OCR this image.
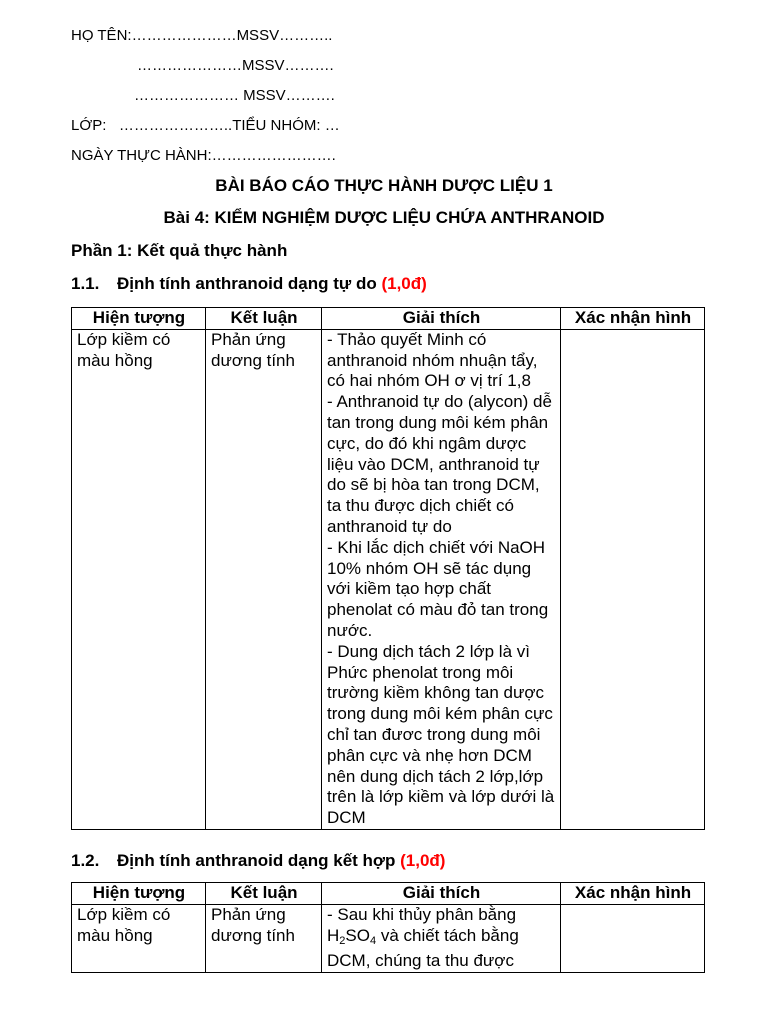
HỌ TÊN:…………………MSSV………..
…………………MSSV……….
………………… MSSV……….
LỚP:   …………………..TIỂU NHÓM: …
NGÀY THỰC HÀNH:…………………….
BÀI BÁO CÁO THỰC HÀNH DƯỢC LIỆU 1
Bài 4: KIỂM NGHIỆM DƯỢC LIỆU CHỨA ANTHRANOID
Phần 1: Kết quả thực hành
1.1. Định tính anthranoid dạng tự do (1,0đ)
Hiện tượng	Kết luận	Giải thích	Xác nhận hình
Lớp kiềm có màu hồng	Phản ứng dương tính	- Thảo quyết Minh có anthranoid nhóm nhuận tẩy, có hai nhóm OH ơ vị trí 1,8
- Anthranoid tự do (alycon) dễ tan trong dung môi kém phân cực, do đó khi ngâm dược liệu vào DCM, anthranoid tự do sẽ bị hòa tan trong DCM, ta thu được dịch chiết có anthranoid tự do
- Khi lắc dịch chiết với NaOH 10% nhóm OH sẽ tác dụng với kiềm tạo hợp chất phenolat có màu đỏ tan trong nước.
- Dung dịch tách 2 lớp là vì Phức phenolat trong môi trường kiềm không tan dược trong dung môi kém phân cực chỉ tan đươc trong dung môi phân cực và nhẹ hơn DCM nên dung dịch tách 2 lớp,lớp trên là lớp kiềm và lớp dưới là DCM	

1.2. Định tính anthranoid dạng kết hợp (1,0đ)
Hiện tượng	Kết luận	Giải thích	Xác nhận hình
Lớp kiềm có màu hồng	Phản ứng dương tính	- Sau khi thủy phân bằng $H_2SO_4$ và chiết tách bằng DCM, chúng ta thu được	
